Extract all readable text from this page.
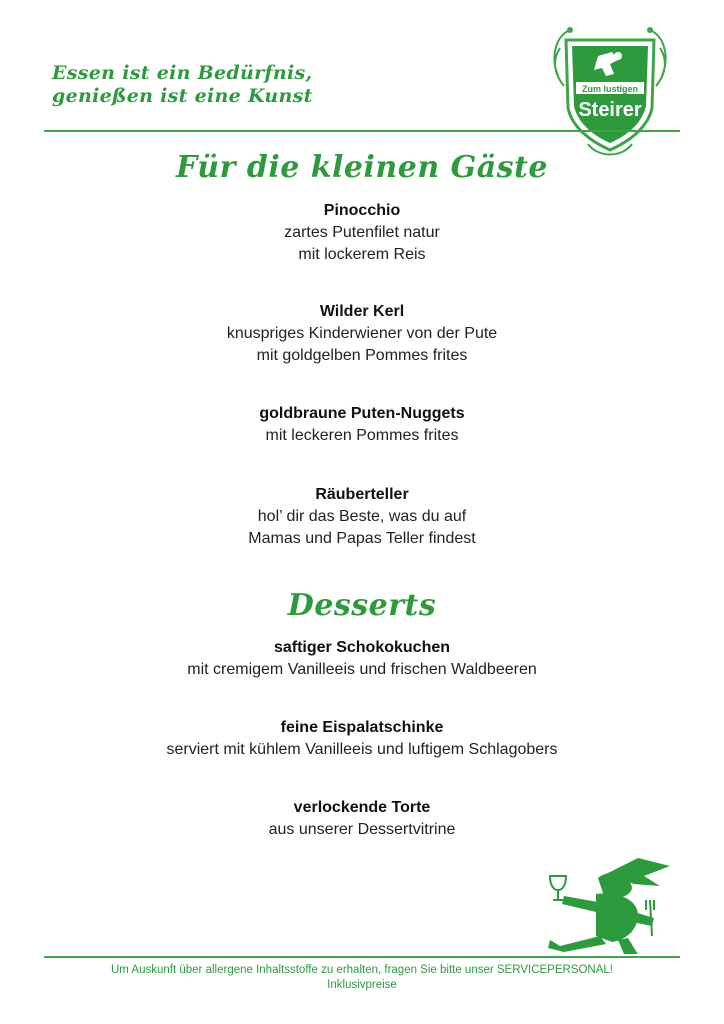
Essen ist ein Bedürfnis,
genießen ist eine Kunst	Zum lustigen
Steirer
Für die kleinen Gäste
Pinocchio
zartes Putenfilet natur
mit lockerem Reis
Wilder Kerl
knuspriges Kinderwiener von der Pute
mit goldgelben Pommes frites
goldbraune Puten-Nuggets
mit leckeren Pommes frites
Räuberteller
hol’ dir das Beste, was du auf
Mamas und Papas Teller findest
Desserts
saftiger Schokokuchen
mit cremigem Vanilleeis und frischen Waldbeeren
feine Eispalatschinke
serviert mit kühlem Vanilleeis und luftigem Schlagobers
verlockende Torte
aus unserer Dessertvitrine
Um Auskunft über allergene Inhaltsstoffe zu erhalten, fragen Sie bitte unser SERVICEPERSONAL!
Inklusivpreise
